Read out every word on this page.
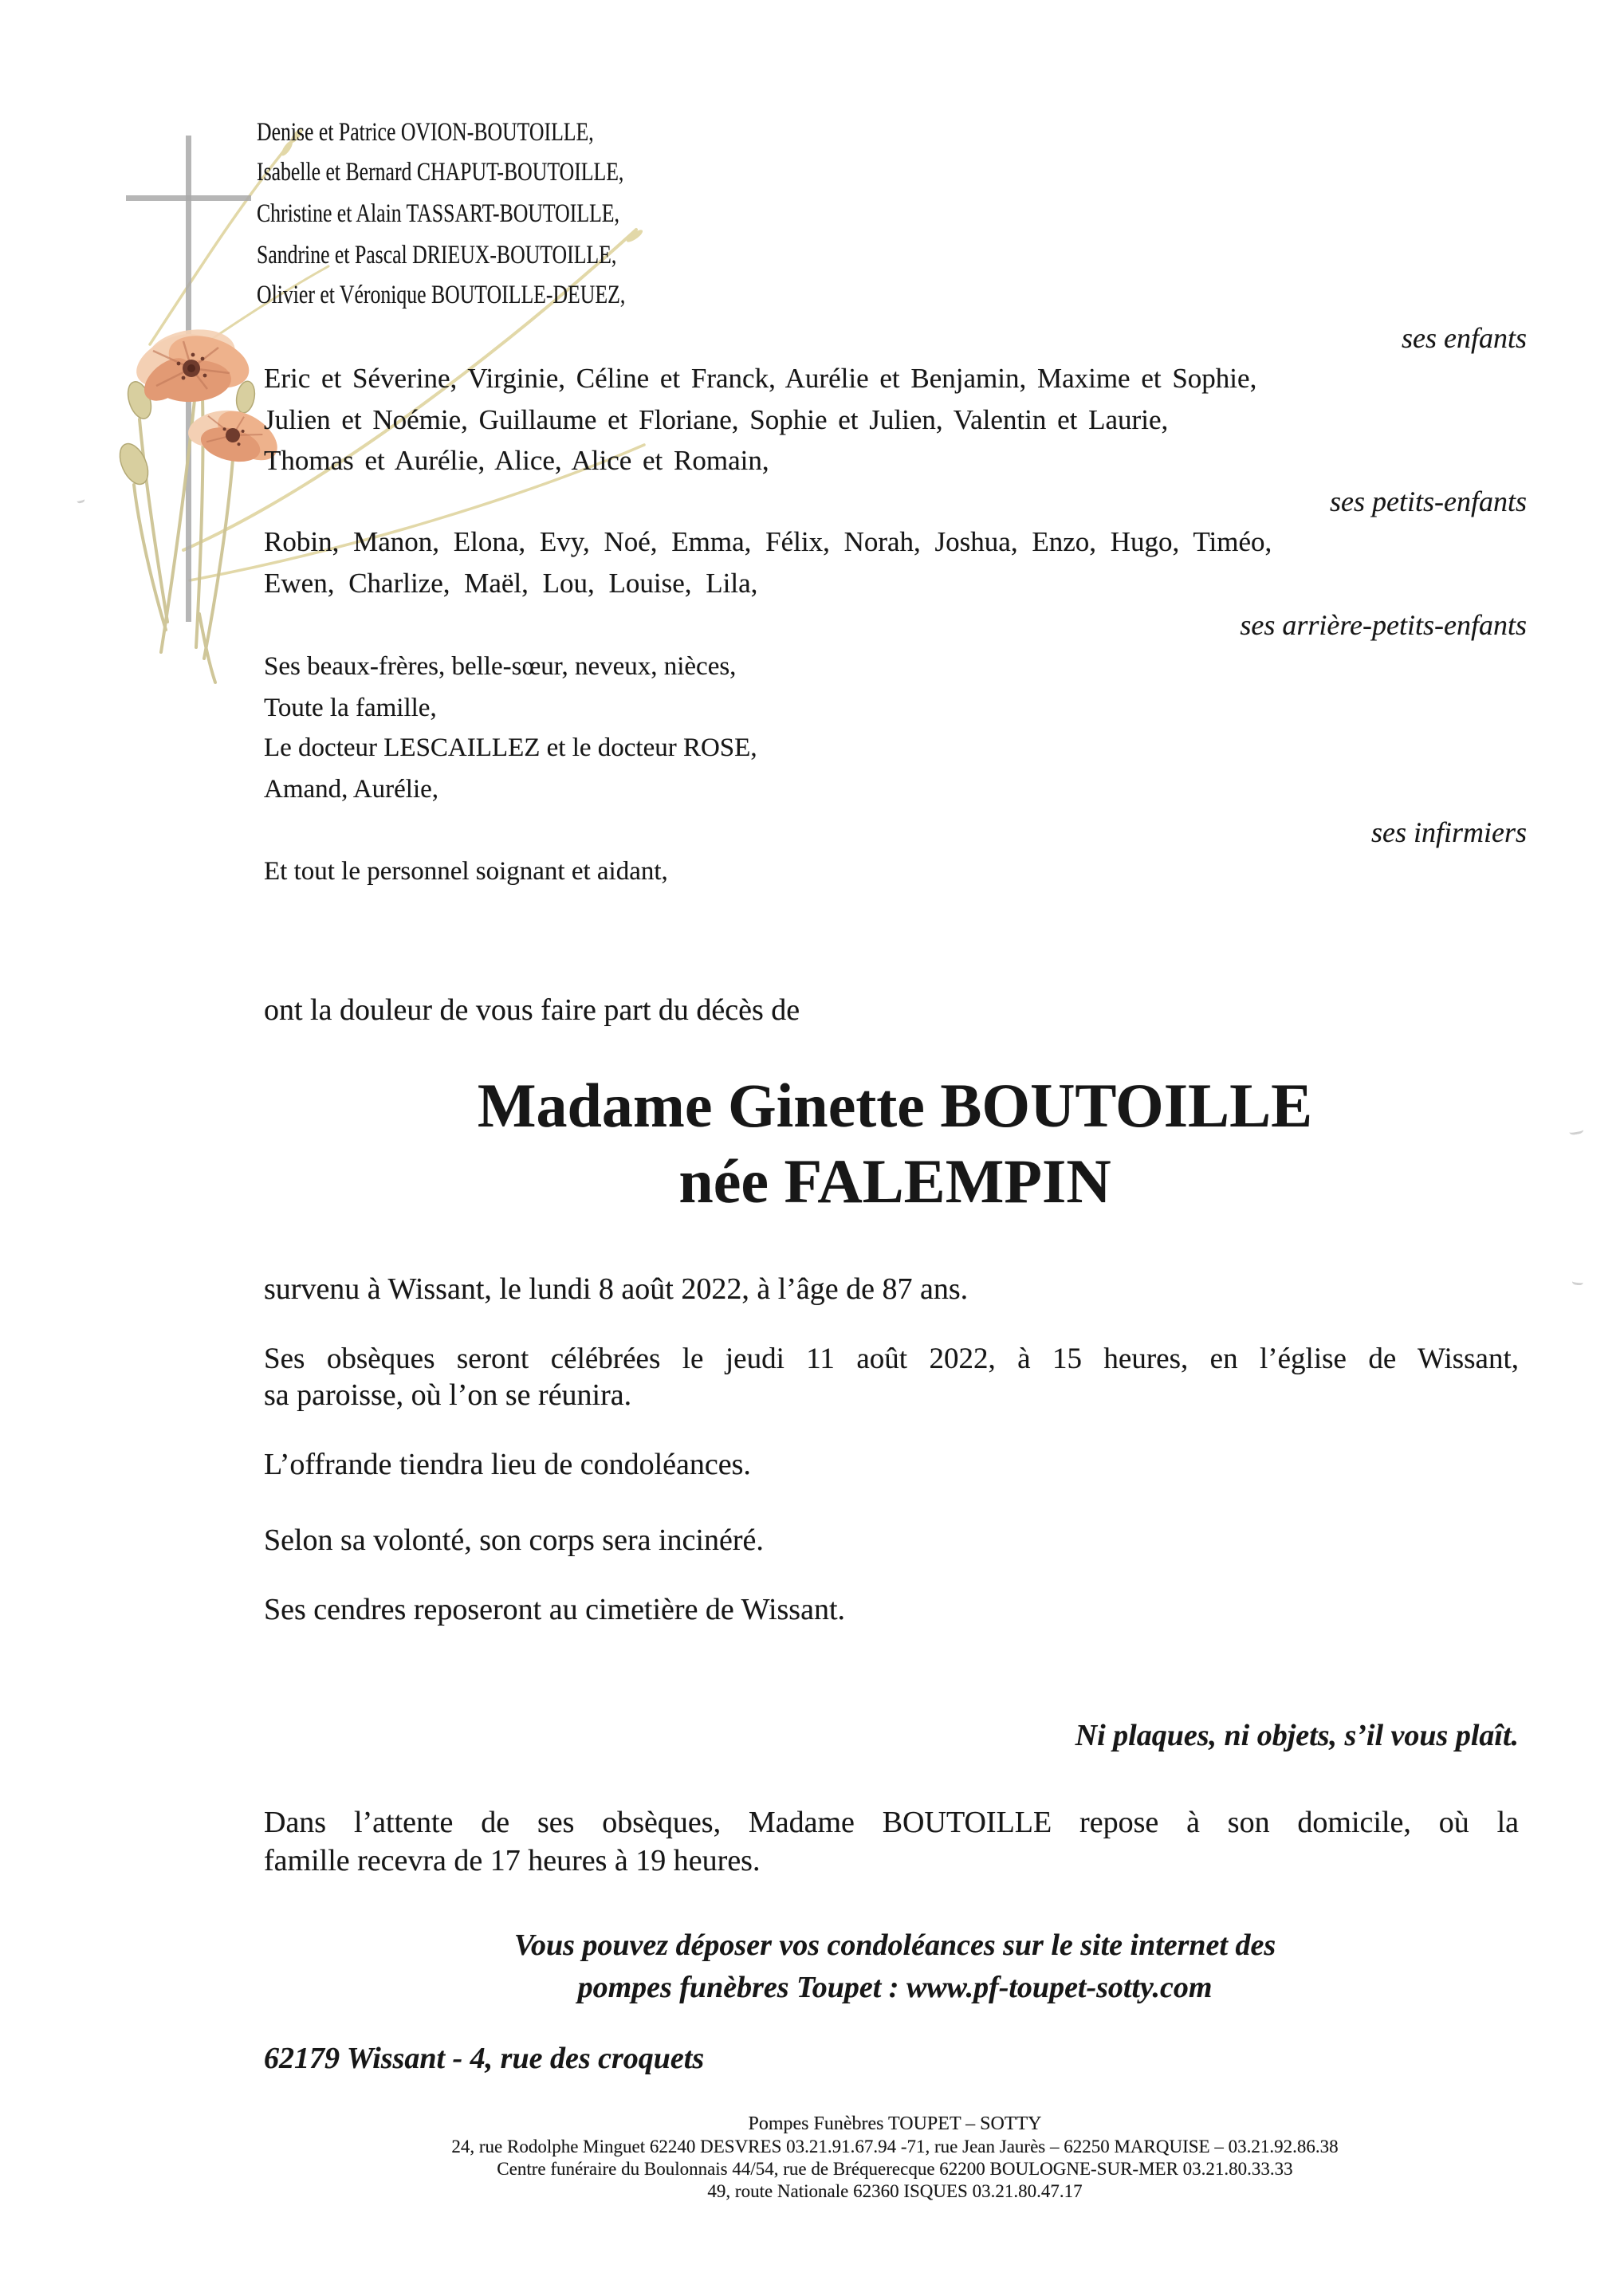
Denise et Patrice OVION-BOUTOILLE,
Isabelle et Bernard CHAPUT-BOUTOILLE,
Christine et Alain TASSART-BOUTOILLE,
Sandrine et Pascal DRIEUX-BOUTOILLE,
Olivier et Véronique BOUTOILLE-DEUEZ,
ses enfants
Eric et Séverine, Virginie, Céline et Franck, Aurélie et Benjamin, Maxime et Sophie,
Julien et Noémie, Guillaume et Floriane, Sophie et Julien, Valentin et Laurie,
Thomas et Aurélie, Alice, Alice et Romain,
ses petits-enfants
Robin, Manon, Elona, Evy, Noé, Emma, Félix, Norah, Joshua, Enzo, Hugo, Timéo,
Ewen, Charlize, Maël, Lou, Louise, Lila,
ses arrière-petits-enfants
Ses beaux-frères, belle-sœur, neveux, nièces,
Toute la famille,
Le docteur LESCAILLEZ et le docteur ROSE,
Amand, Aurélie,
ses infirmiers
Et tout le personnel soignant et aidant,
ont la douleur de vous faire part du décès de
Madame Ginette BOUTOILLE
née FALEMPIN
survenu à Wissant, le lundi 8 août 2022, à l’âge de 87 ans.
Ses obsèques seront célébrées le jeudi 11 août 2022, à 15 heures, en l’église de Wissant,
sa paroisse, où l’on se réunira.
L’offrande tiendra lieu de condoléances.
Selon sa volonté, son corps sera incinéré.
Ses cendres reposeront au cimetière de Wissant.
Ni plaques, ni objets, s’il vous plaît.
Dans l’attente de ses obsèques, Madame BOUTOILLE repose à son domicile, où la
famille recevra de 17 heures à 19 heures.
Vous pouvez déposer vos condoléances sur le site internet des
pompes funèbres Toupet : www.pf-toupet-sotty.com
62179 Wissant - 4, rue des croquets
Pompes Funèbres TOUPET – SOTTY
24, rue Rodolphe Minguet 62240 DESVRES 03.21.91.67.94 -71, rue Jean Jaurès – 62250 MARQUISE – 03.21.92.86.38
Centre funéraire du Boulonnais 44/54, rue de Bréquerecque 62200 BOULOGNE-SUR-MER 03.21.80.33.33
49, route Nationale 62360 ISQUES 03.21.80.47.17
